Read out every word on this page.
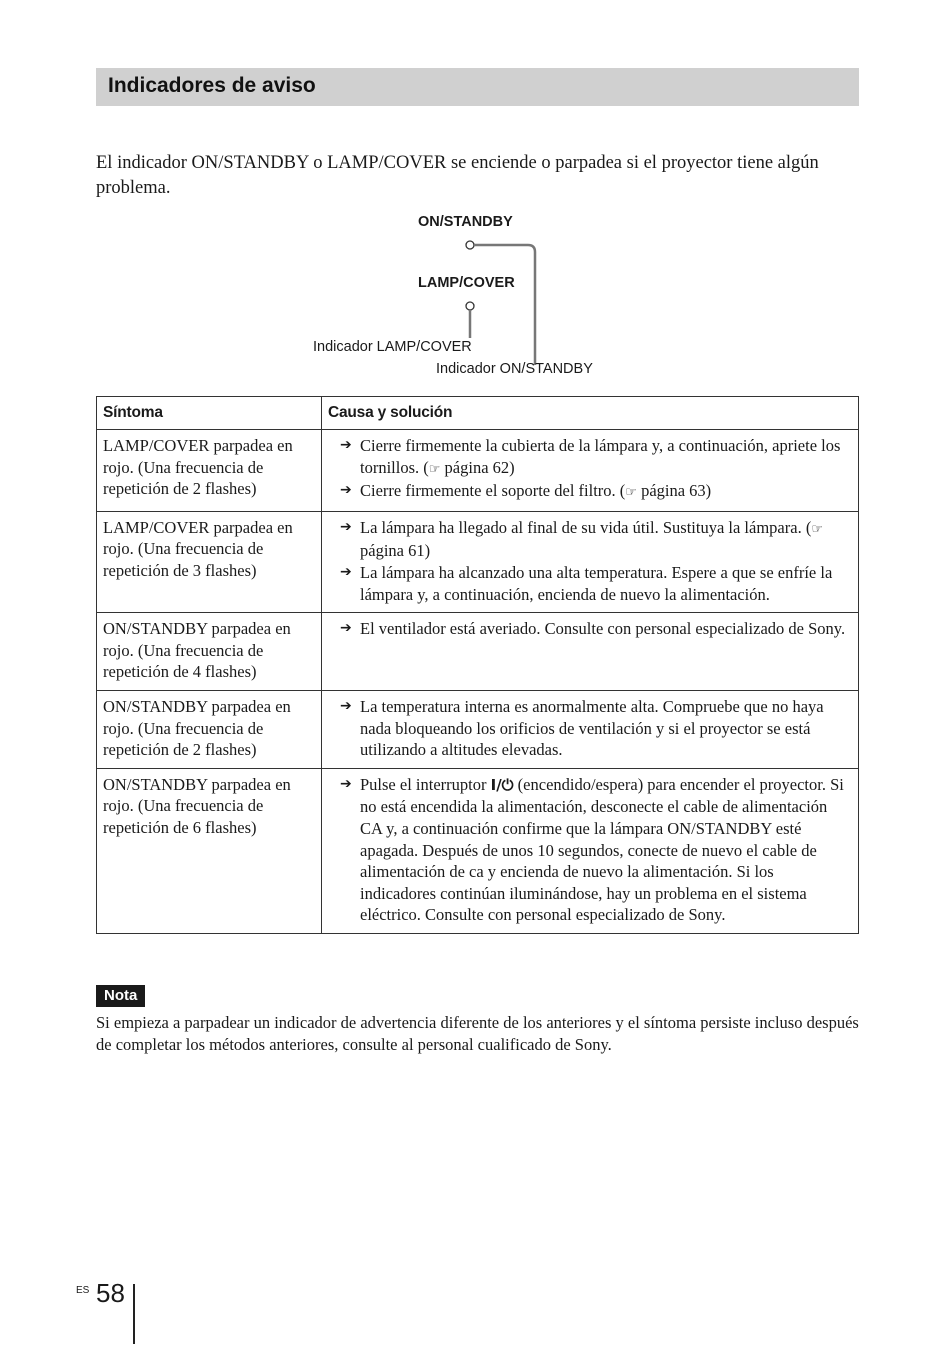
Indicadores de aviso

El indicador ON/STANDBY o LAMP/COVER se enciende o parpadea si el proyector tiene algún problema.

ON/STANDBY
LAMP/COVER
Indicador LAMP/COVER
Indicador ON/STANDBY
Síntoma	Causa y solución
LAMP/COVER parpadea en rojo. (Una frecuencia de repetición de 2 flashes)	➔ Cierre firmemente la cubierta de la lámpara y, a continuación, apriete los tornillos. (☞ página 62)
➔ Cierre firmemente el soporte del filtro. (☞ página 63)

LAMP/COVER parpadea en rojo. (Una frecuencia de repetición de 3 flashes)	➔ La lámpara ha llegado al final de su vida útil. Sustituya la lámpara. (☞ página 61)
➔ La lámpara ha alcanzado una alta temperatura. Espere a que se enfríe la lámpara y, a continuación, encienda de nuevo la alimentación.

ON/STANDBY parpadea en rojo. (Una frecuencia de repetición de 4 flashes)	➔ El ventilador está averiado. Consulte con personal especializado de Sony.

ON/STANDBY parpadea en rojo. (Una frecuencia de repetición de 2 flashes)	➔ La temperatura interna es anormalmente alta. Compruebe que no haya nada bloqueando los orificios de ventilación y si el proyector se está utilizando a altitudes elevadas.

ON/STANDBY parpadea en rojo. (Una frecuencia de repetición de 6 flashes)	➔ Pulse el interruptor I/⏻ (encendido/espera) para encender el proyector. Si no está encendida la alimentación, desconecte el cable de alimentación CA y, a continuación confirme que la lámpara ON/STANDBY esté apagada. Después de unos 10 segundos, conecte de nuevo el cable de alimentación de ca y encienda de nuevo la alimentación. Si los indicadores continúan iluminándose, hay un problema en el sistema eléctrico. Consulte con personal especializado de Sony.
Nota

Si empieza a parpadear un indicador de advertencia diferente de los anteriores y el síntoma persiste incluso después de completar los métodos anteriores, consulte al personal cualificado de Sony.

ES 58
